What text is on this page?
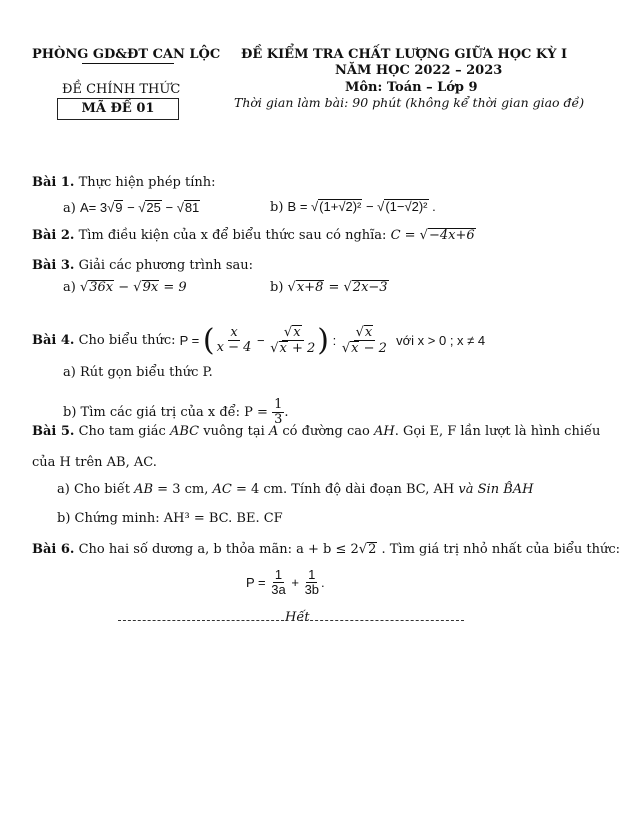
PHÒNG GD&ĐT CAN LỘC
ĐỀ CHÍNH THỨC
MÃ ĐỀ 01
ĐỀ KIỂM TRA CHẤT LƯỢNG GIỮA HỌC KỲ I
NĂM HỌC 2022 – 2023
Môn: Toán – Lớp 9
Thời gian làm bài: 90 phút (không kể thời gian giao đề)
Bài 1. Thực hiện phép tính:
a) A= 3√9 − √25 − √81	b) B = √(1+√2)² − √(1−√2)² .
Bài 2. Tìm điều kiện của x để biểu thức sau có nghĩa: C = √−4x+6
Bài 3. Giải các phương trình sau:
a) √36x − √9x = 9	b) √x+8 = √2x−3
Bài 4.
Cho biểu thức:
P = ( $\frac{x}{x - 4} - \frac{√x}{√x + 2}$ ) : $\frac{√x}{√x - 2}$
với x > 0 ; x ≠ 4
a) Rút gọn biểu thức P.
b) Tìm các giá trị của x để: $P = \frac{1}{3}$ .
Bài 5. Cho tam giác ABC vuông tại A có đường cao AH. Gọi E, F lần lượt là hình chiếu
của H trên AB, AC.
a) Cho biết AB = 3 cm, AC = 4 cm. Tính độ dài đoạn BC, AH và Sin B̂AH
b) Chứng minh: AH³ = BC. BE. CF
Bài 6. Cho hai số dương a, b thỏa mãn: a + b ≤ 2√2 . Tìm giá trị nhỏ nhất của biểu thức:
$P = \frac{1}{3a} + \frac{1}{3b}$ .
Hết
